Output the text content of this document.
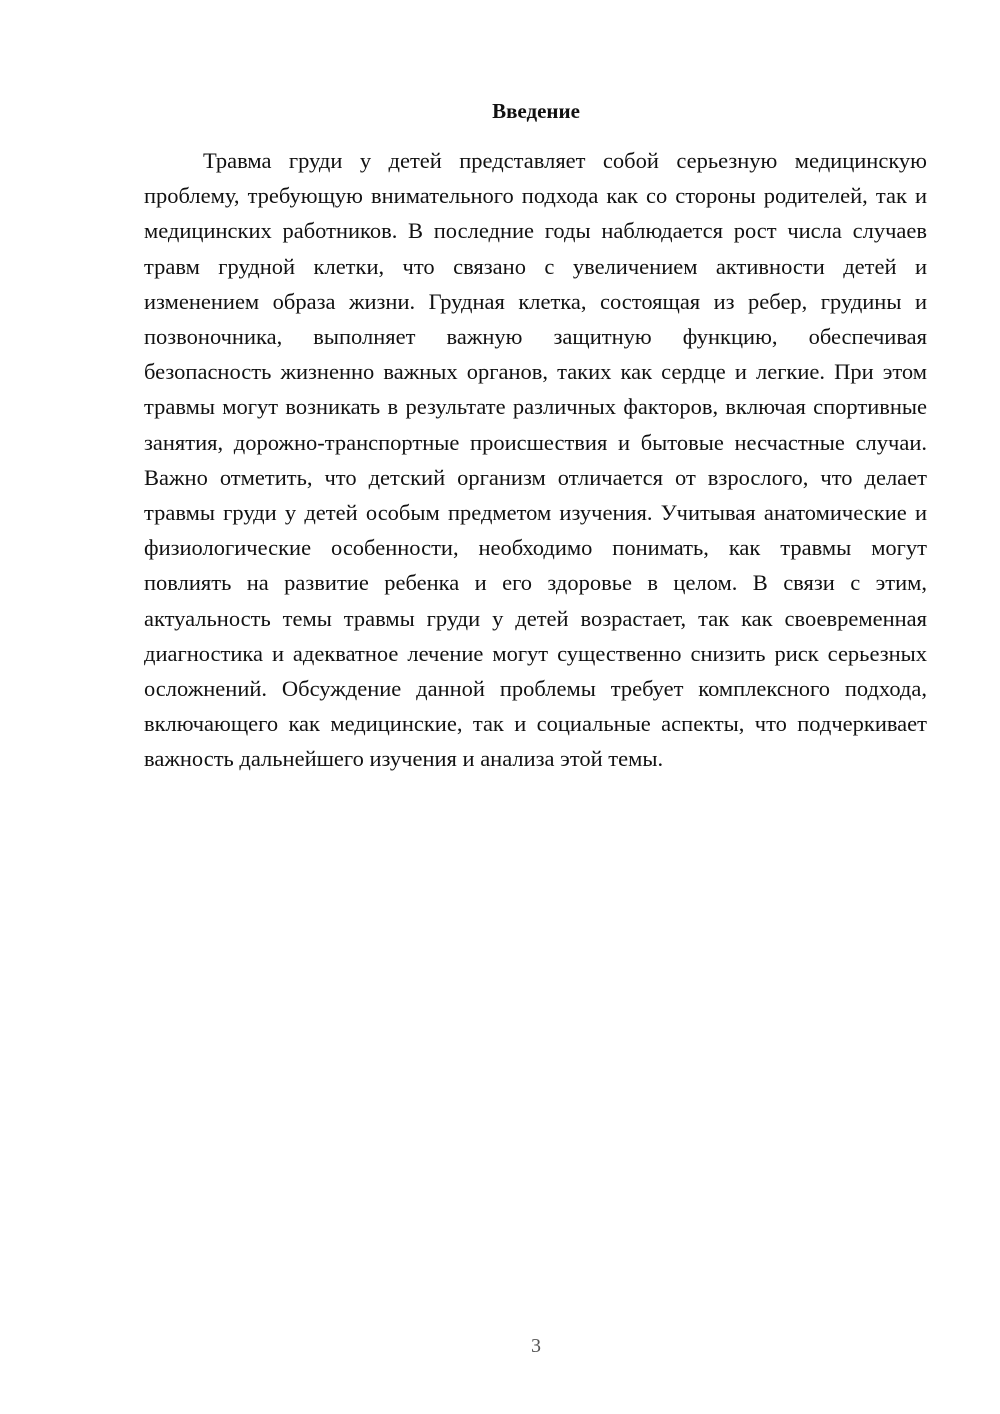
Введение

Травма груди у детей представляет собой серьезную медицинскую проблему, требующую внимательного подхода как со стороны родителей, так и медицинских работников. В последние годы наблюдается рост числа случаев травм грудной клетки, что связано с увеличением активности детей и изменением образа жизни. Грудная клетка, состоящая из ребер, грудины и позвоночника, выполняет важную защитную функцию, обеспечивая безопасность жизненно важных органов, таких как сердце и легкие. При этом травмы могут возникать в результате различных факторов, включая спортивные занятия, дорожно-транспортные происшествия и бытовые несчастные случаи. Важно отметить, что детский организм отличается от взрослого, что делает травмы груди у детей особым предметом изучения. Учитывая анатомические и физиологические особенности, необходимо понимать, как травмы могут повлиять на развитие ребенка и его здоровье в целом. В связи с этим, актуальность темы травмы груди у детей возрастает, так как своевременная диагностика и адекватное лечение могут существенно снизить риск серьезных осложнений. Обсуждение данной проблемы требует комплексного подхода, включающего как медицинские, так и социальные аспекты, что подчеркивает важность дальнейшего изучения и анализа этой темы.

3
